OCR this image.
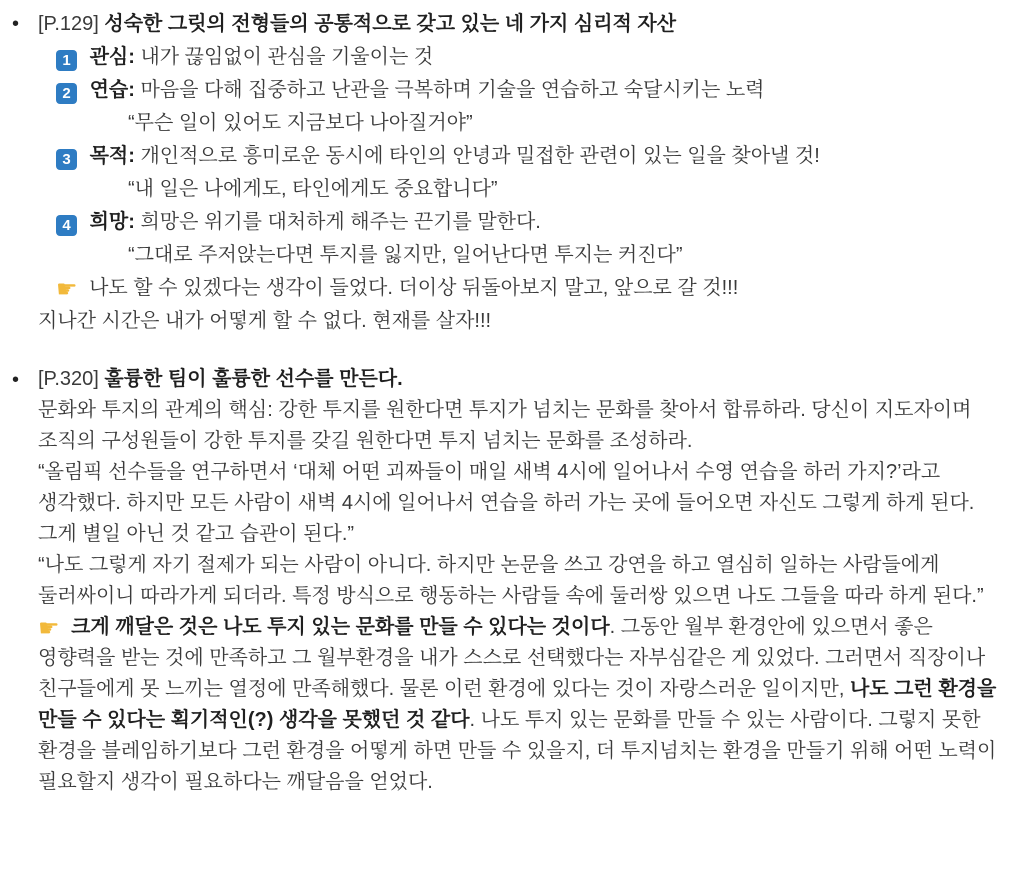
• [P.129] 성숙한 그릿의 전형들의 공통적으로 갖고 있는 네 가지 심리적 자산
1 관심: 내가 끊임없이 관심을 기울이는 것
2 연습: 마음을 다해 집중하고 난관을 극복하며 기술을 연습하고 숙달시키는 노력
“무슨 일이 있어도 지금보다 나아질거야”
3 목적: 개인적으로 흥미로운 동시에 타인의 안녕과 밀접한 관련이 있는 일을 찾아낼 것!
“내 일은 나에게도, 타인에게도 중요합니다”
4 희망: 희망은 위기를 대처하게 해주는 끈기를 말한다.
“그대로 주저앉는다면 투지를 잃지만, 일어난다면 투지는 커진다”
☛ 나도 할 수 있겠다는 생각이 들었다. 더이상 뒤돌아보지 말고, 앞으로 갈 것!!!
지나간 시간은 내가 어떻게 할 수 없다. 현재를 살자!!!
• [P.320] 훌륭한 팀이 훌륭한 선수를 만든다.
문화와 투지의 관계의 핵심: 강한 투지를 원한다면 투지가 넘치는 문화를 찾아서 합류하라. 당신이 지도자이며 조직의 구성원들이 강한 투지를 갖길 원한다면 투지 넘치는 문화를 조성하라.
“올림픽 선수들을 연구하면서 ‘대체 어떤 괴짜들이 매일 새벽 4시에 일어나서 수영 연습을 하러 가지?’라고 생각했다. 하지만 모든 사람이 새벽 4시에 일어나서 연습을 하러 가는 곳에 들어오면 자신도 그렇게 하게 된다. 그게 별일 아닌 것 같고 습관이 된다.”
“나도 그렇게 자기 절제가 되는 사람이 아니다. 하지만 논문을 쓰고 강연을 하고 열심히 일하는 사람들에게 둘러싸이니 따라가게 되더라. 특정 방식으로 행동하는 사람들 속에 둘러쌍 있으면 나도 그들을 따라 하게 된다.”
☛ 크게 깨달은 것은 나도 투지 있는 문화를 만들 수 있다는 것이다. 그동안 월부 환경안에 있으면서 좋은 영향력을 받는 것에 만족하고 그 월부환경을 내가 스스로 선택했다는 자부심같은 게 있었다. 그러면서 직장이나 친구들에게 못 느끼는 열정에 만족해했다. 물론 이런 환경에 있다는 것이 자랑스러운 일이지만, 나도 그런 환경을 만들 수 있다는 획기적인(?) 생각을 못했던 것 같다. 나도 투지 있는 문화를 만들 수 있는 사람이다. 그렇지 못한 환경을 블레임하기보다 그런 환경을 어떻게 하면 만들 수 있을지, 더 투지넘치는 환경을 만들기 위해 어떤 노력이 필요할지 생각이 필요하다는 깨달음을 얻었다.
